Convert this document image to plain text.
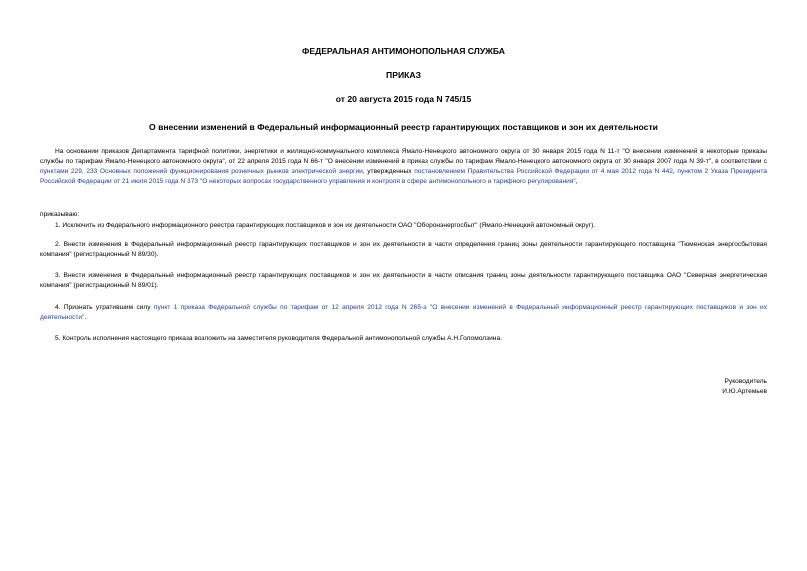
ФЕДЕРАЛЬНАЯ АНТИМОНОПОЛЬНАЯ СЛУЖБА
ПРИКАЗ
от 20 августа 2015 года N 745/15
О внесении изменений в Федеральный информационный реестр гарантирующих поставщиков и зон их деятельности
На основании приказов Департамента тарифной политики, энергетики и жилищно-коммунального комплекса Ямало-Ненецкого автономного округа от 30 января 2015 года N 11-т "О внесении изменений в некоторые приказы службы по тарифам Ямало-Ненецкого автономного округа", от 22 апреля 2015 года N 66-т "О внесении изменений в приказ службы по тарифам Ямало-Ненецкого автономного округа от 30 января 2007 года N 39-т", в соответствии с пунктами 229, 233 Основных положений функционирования розничных рынков электрической энергии, утвержденных постановлением Правительства Российской Федерации от 4 мая 2012 года N 442, пунктом 2 Указа Президента Российской Федерации от 21 июля 2015 года N 373 "О некоторых вопросах государственного управления и контроля в сфере антимонопольного и тарифного регулирования",
приказываю:
1. Исключить из Федерального информационного реестра гарантирующих поставщиков и зон их деятельности ОАО "Оборонэнергосбыт" (Ямало-Ненецкий автономный округ).
2. Внести изменения в Федеральный информационный реестр гарантирующих поставщиков и зон их деятельности в части определения границ зоны деятельности гарантирующего поставщика "Тюменская энергосбытовая компания" (регистрационный N 89/30).
3. Внести изменения в Федеральный информационный реестр гарантирующих поставщиков и зон их деятельности в части описания границ зоны деятельности гарантирующего поставщика ОАО "Северная энергетическая компания" (регистрационный N 89/01).
4. Признать утратившим силу пункт 1 приказа Федеральной службы по тарифам от 12 апреля 2012 года N 265-э "О внесении изменений в Федеральный информационный реестр гарантирующих поставщиков и зон их деятельности".
5. Контроль исполнения настоящего приказа возложить на заместителя руководителя Федеральной антимонопольной службы А.Н.Голомолзина.
Руководитель
И.Ю.Артемьев
